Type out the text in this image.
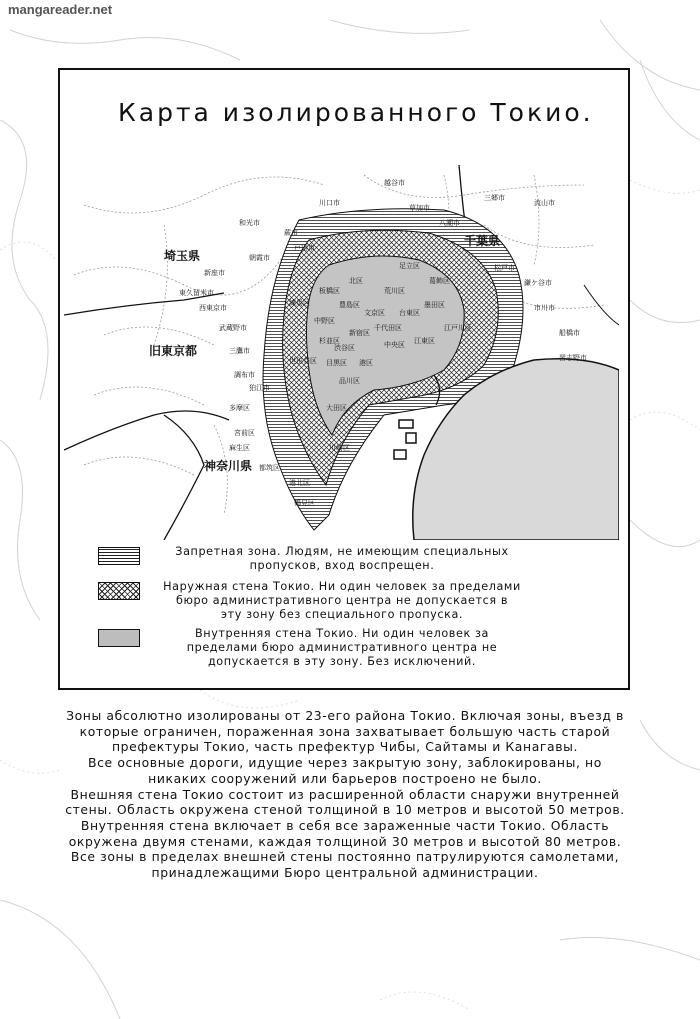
mangareader.net
Карта изолированного Токио.
埼玉県
千葉県
旧東京都
神奈川県
足立区
葛飾区
北区
荒川区
板橋区
練馬区	豊島区
文京区 台東区
墨田区
中野区
杉並区
新宿区
千代田区	江戸川区
渋谷区	中央区 江東区
世田谷区 目黒区 港区
品川区
大田区
川崎区
越谷市
草加市
八潮市
三郷市
流山市
川口市
蕨市
戸田市
朝霞市
新座市
和光市
松戸市
鎌ケ谷市
市川市
船橋市
習志野市
東久留米市
西東京市
武蔵野市
三鷹市
調布市
狛江市
多摩区
宮前区
麻生区
都筑区
港北区
鶴見区
Запретная зона. Людям, не имеющим специальных
пропусков, вход воспрещен.
Наружная стена Токио. Ни один человек за пределами
бюро административного центра не допускается в
эту зону без специального пропуска.
Внутренняя стена Токио. Ни один человек за
пределами бюро административного центра не
допускается в эту зону. Без исключений.

Зоны абсолютно изолированы от 23-его района Токио. Включая зоны, въезд в которые ограничен, пораженная зона захватывает большую часть старой префектуры Токио, часть префектур Чибы, Сайтамы и Канагавы.

Все основные дороги, идущие через закрытую зону, заблокированы, но никаких сооружений или барьеров построено не было.

Внешняя стена Токио состоит из расширенной области снаружи внутренней стены. Область окружена стеной толщиной в 10 метров и высотой 50 метров.

Внутренняя стена включает в себя все зараженные части Токио. Область окружена двумя стенами, каждая толщиной 30 метров и высотой 80 метров.

Все зоны в пределах внешней стены постоянно патрулируются самолетами, принадлежащими Бюро центральной администрации.
